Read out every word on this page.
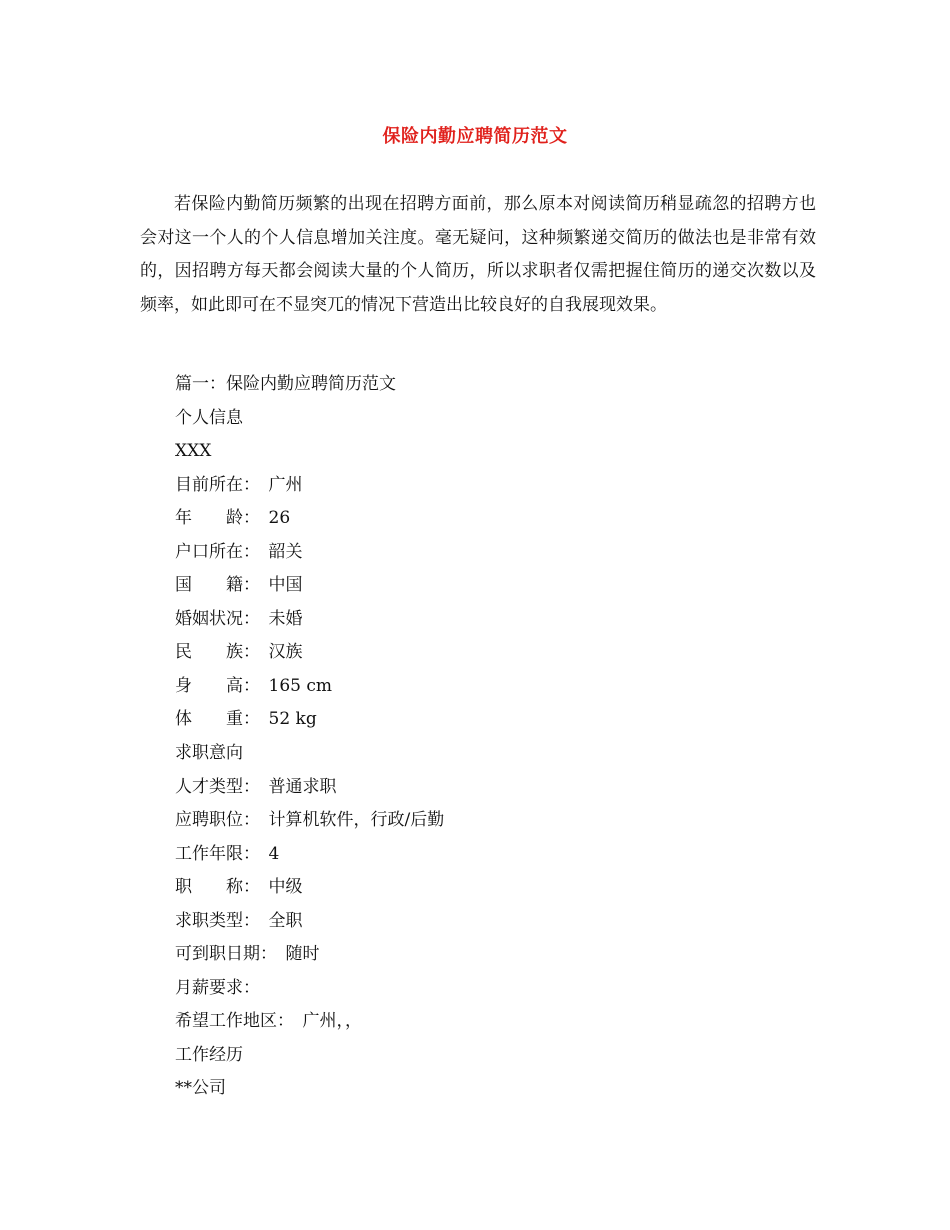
保险内勤应聘简历范文

若保险内勤简历频繁的出现在招聘方面前，那么原本对阅读简历稍显疏忽的招聘方也会对这一个人的个人信息增加关注度。毫无疑问，这种频繁递交简历的做法也是非常有效的，因招聘方每天都会阅读大量的个人简历，所以求职者仅需把握住简历的递交次数以及频率，如此即可在不显突兀的情况下营造出比较良好的自我展现效果。

篇一：保险内勤应聘简历范文
个人信息
XXX
目前所在：　广州
年　　龄：　26
户口所在：　韶关
国　　籍：　中国
婚姻状况：　未婚
民　　族：　汉族
身　　高：　165 cm
体　　重：　52 kg
求职意向
人才类型：　普通求职
应聘职位：　计算机软件，行政/后勤
工作年限：　4
职　　称：　中级
求职类型：　全职
可到职日期：　随时
月薪要求：
希望工作地区：　广州，，
工作经历
**公司
